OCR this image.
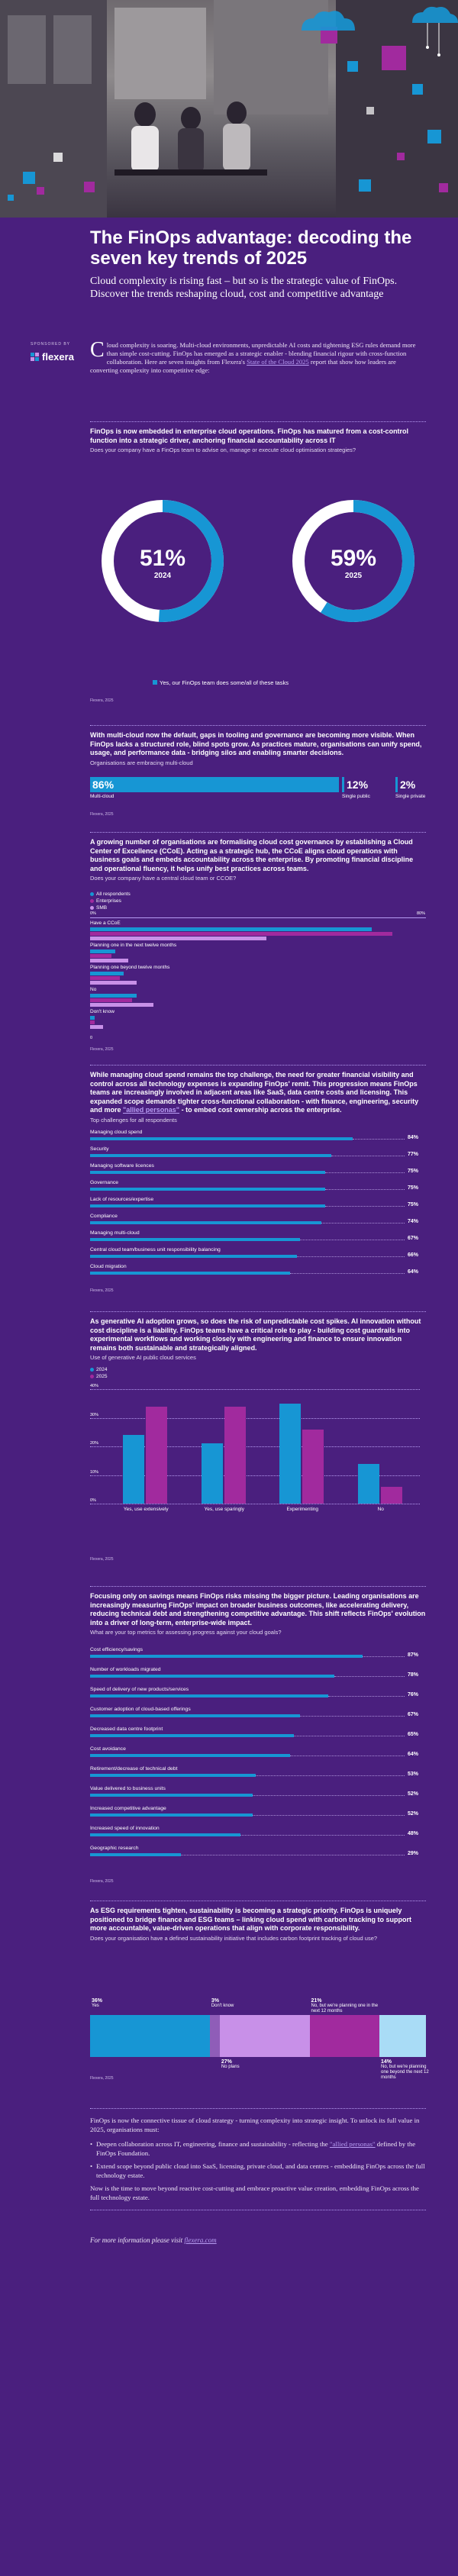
The FinOps advantage: decoding the seven key trends of 2025
Cloud complexity is rising fast – but so is the strategic value of FinOps. Discover the trends reshaping cloud, cost and competitive advantage
SPONSORED BY
flexera Cloud complexity is soaring. Multi-cloud environments, unpredictable AI costs and tightening ESG rules demand more than simple cost-cutting. FinOps has emerged as a strategic enabler - blending financial rigour with cross-function collaboration. Here are seven insights from Flexera's State of the Cloud 2025 report that show how leaders are converting complexity into competitive edge:
FinOps is now embedded in enterprise cloud operations. FinOps has matured from a cost-control function into a strategic driver, anchoring financial accountability across IT
Does your company have a FinOps team to advise on, manage or execute cloud optimisation strategies?
51%
2024
59%
2025
Yes, our FinOps team does some/all of these tasks
Flexera, 2025
With multi-cloud now the default, gaps in tooling and governance are becoming more visible. When FinOps lacks a structured role, blind spots grow. As practices mature, organisations can unify spend, usage, and performance data - bridging silos and enabling smarter decisions.
Organisations are embracing multi-cloud
Flexera, 2025
A growing number of organisations are formalising cloud cost governance by establishing a Cloud Center of Excellence (CCoE). Acting as a strategic hub, the CCoE aligns cloud operations with business goals and embeds accountability across the enterprise. By promoting financial discipline and operational fluency, it helps unify best practices across teams.
Does your company have a central cloud team or CCOE?
All respondents
Enterprises
SMB
Flexera, 2025
While managing cloud spend remains the top challenge, the need for greater financial visibility and control across all technology expenses is expanding FinOps' remit. This progression means FinOps teams are increasingly involved in adjacent areas like SaaS, data centre costs and licensing. This expanded scope demands tighter cross-functional collaboration - with finance, engineering, security and more "allied personas" - to embed cost ownership across the enterprise.
Top challenges for all respondents
Flexera, 2025
As generative AI adoption grows, so does the risk of unpredictable cost spikes. AI innovation without cost discipline is a liability. FinOps teams have a critical role to play - building cost guardrails into experimental workflows and working closely with engineering and finance to ensure innovation remains both sustainable and strategically aligned.
Use of generative AI public cloud services
2024
2025
Flexera, 2025
Focusing only on savings means FinOps risks missing the bigger picture. Leading organisations are increasingly measuring FinOps' impact on broader business outcomes, like accelerating delivery, reducing technical debt and strengthening competitive advantage. This shift reflects FinOps' evolution into a driver of long-term, enterprise-wide impact.
What are your top metrics for assessing progress against your cloud goals?
Flexera, 2025
As ESG requirements tighten, sustainability is becoming a strategic priority. FinOps is uniquely positioned to bridge finance and ESG teams – linking cloud spend with carbon tracking to support more accountable, value-driven operations that align with corporate responsibility.
Does your organisation have a defined sustainability initiative that includes carbon footprint tracking of cloud use?
Flexera, 2025

FinOps is now the connective tissue of cloud strategy - turning complexity into strategic insight. To unlock its full value in 2025, organisations must:

• Deepen collaboration across IT, engineering, finance and sustainability - reflecting the "allied personas" defined by the FinOps Foundation.
• Extend scope beyond public cloud into SaaS, licensing, private cloud, and data centres - embedding FinOps across the full technology estate.

Now is the time to move beyond reactive cost-cutting and embrace proactive value creation, embedding FinOps across the full technology estate.

For more information please visit flexera.com
86%
Multi-cloud
12%
Single public
2%
Single private
0%	80%
Have a CCoE
Planning one in the next twelve months
Planning one beyond twelve months
No
Don't know
0
Managing cloud spend
84%
Security
77%
Managing software licences
75%
Governance
75%
Lack of resources/expertise
75%
Compliance
74%
Managing multi-cloud
67%
Central cloud team/business unit responsibility balancing
66%
Cloud migration
64%
0%
10%
20%
30%
40%
Yes, use extensively	Yes, use sparingly	Experimenting	No
Cost efficiency/savings
87%
Number of workloads migrated
78%
Speed of delivery of new products/services
76%
Customer adoption of cloud-based offerings
67%
Decreased data centre footprint
65%
Cost avoidance
64%
Retirement/decrease of technical debt
53%
Value delivered to business units
52%
Increased competitive advantage
52%
Increased speed of innovation
48%
Geographic research
29%
36%
Yes
3%
Don't know
27%
No plans
21%
No, but we're planning one in the next 12 months
14%
No, but we're planning one beyond the next 12 months
